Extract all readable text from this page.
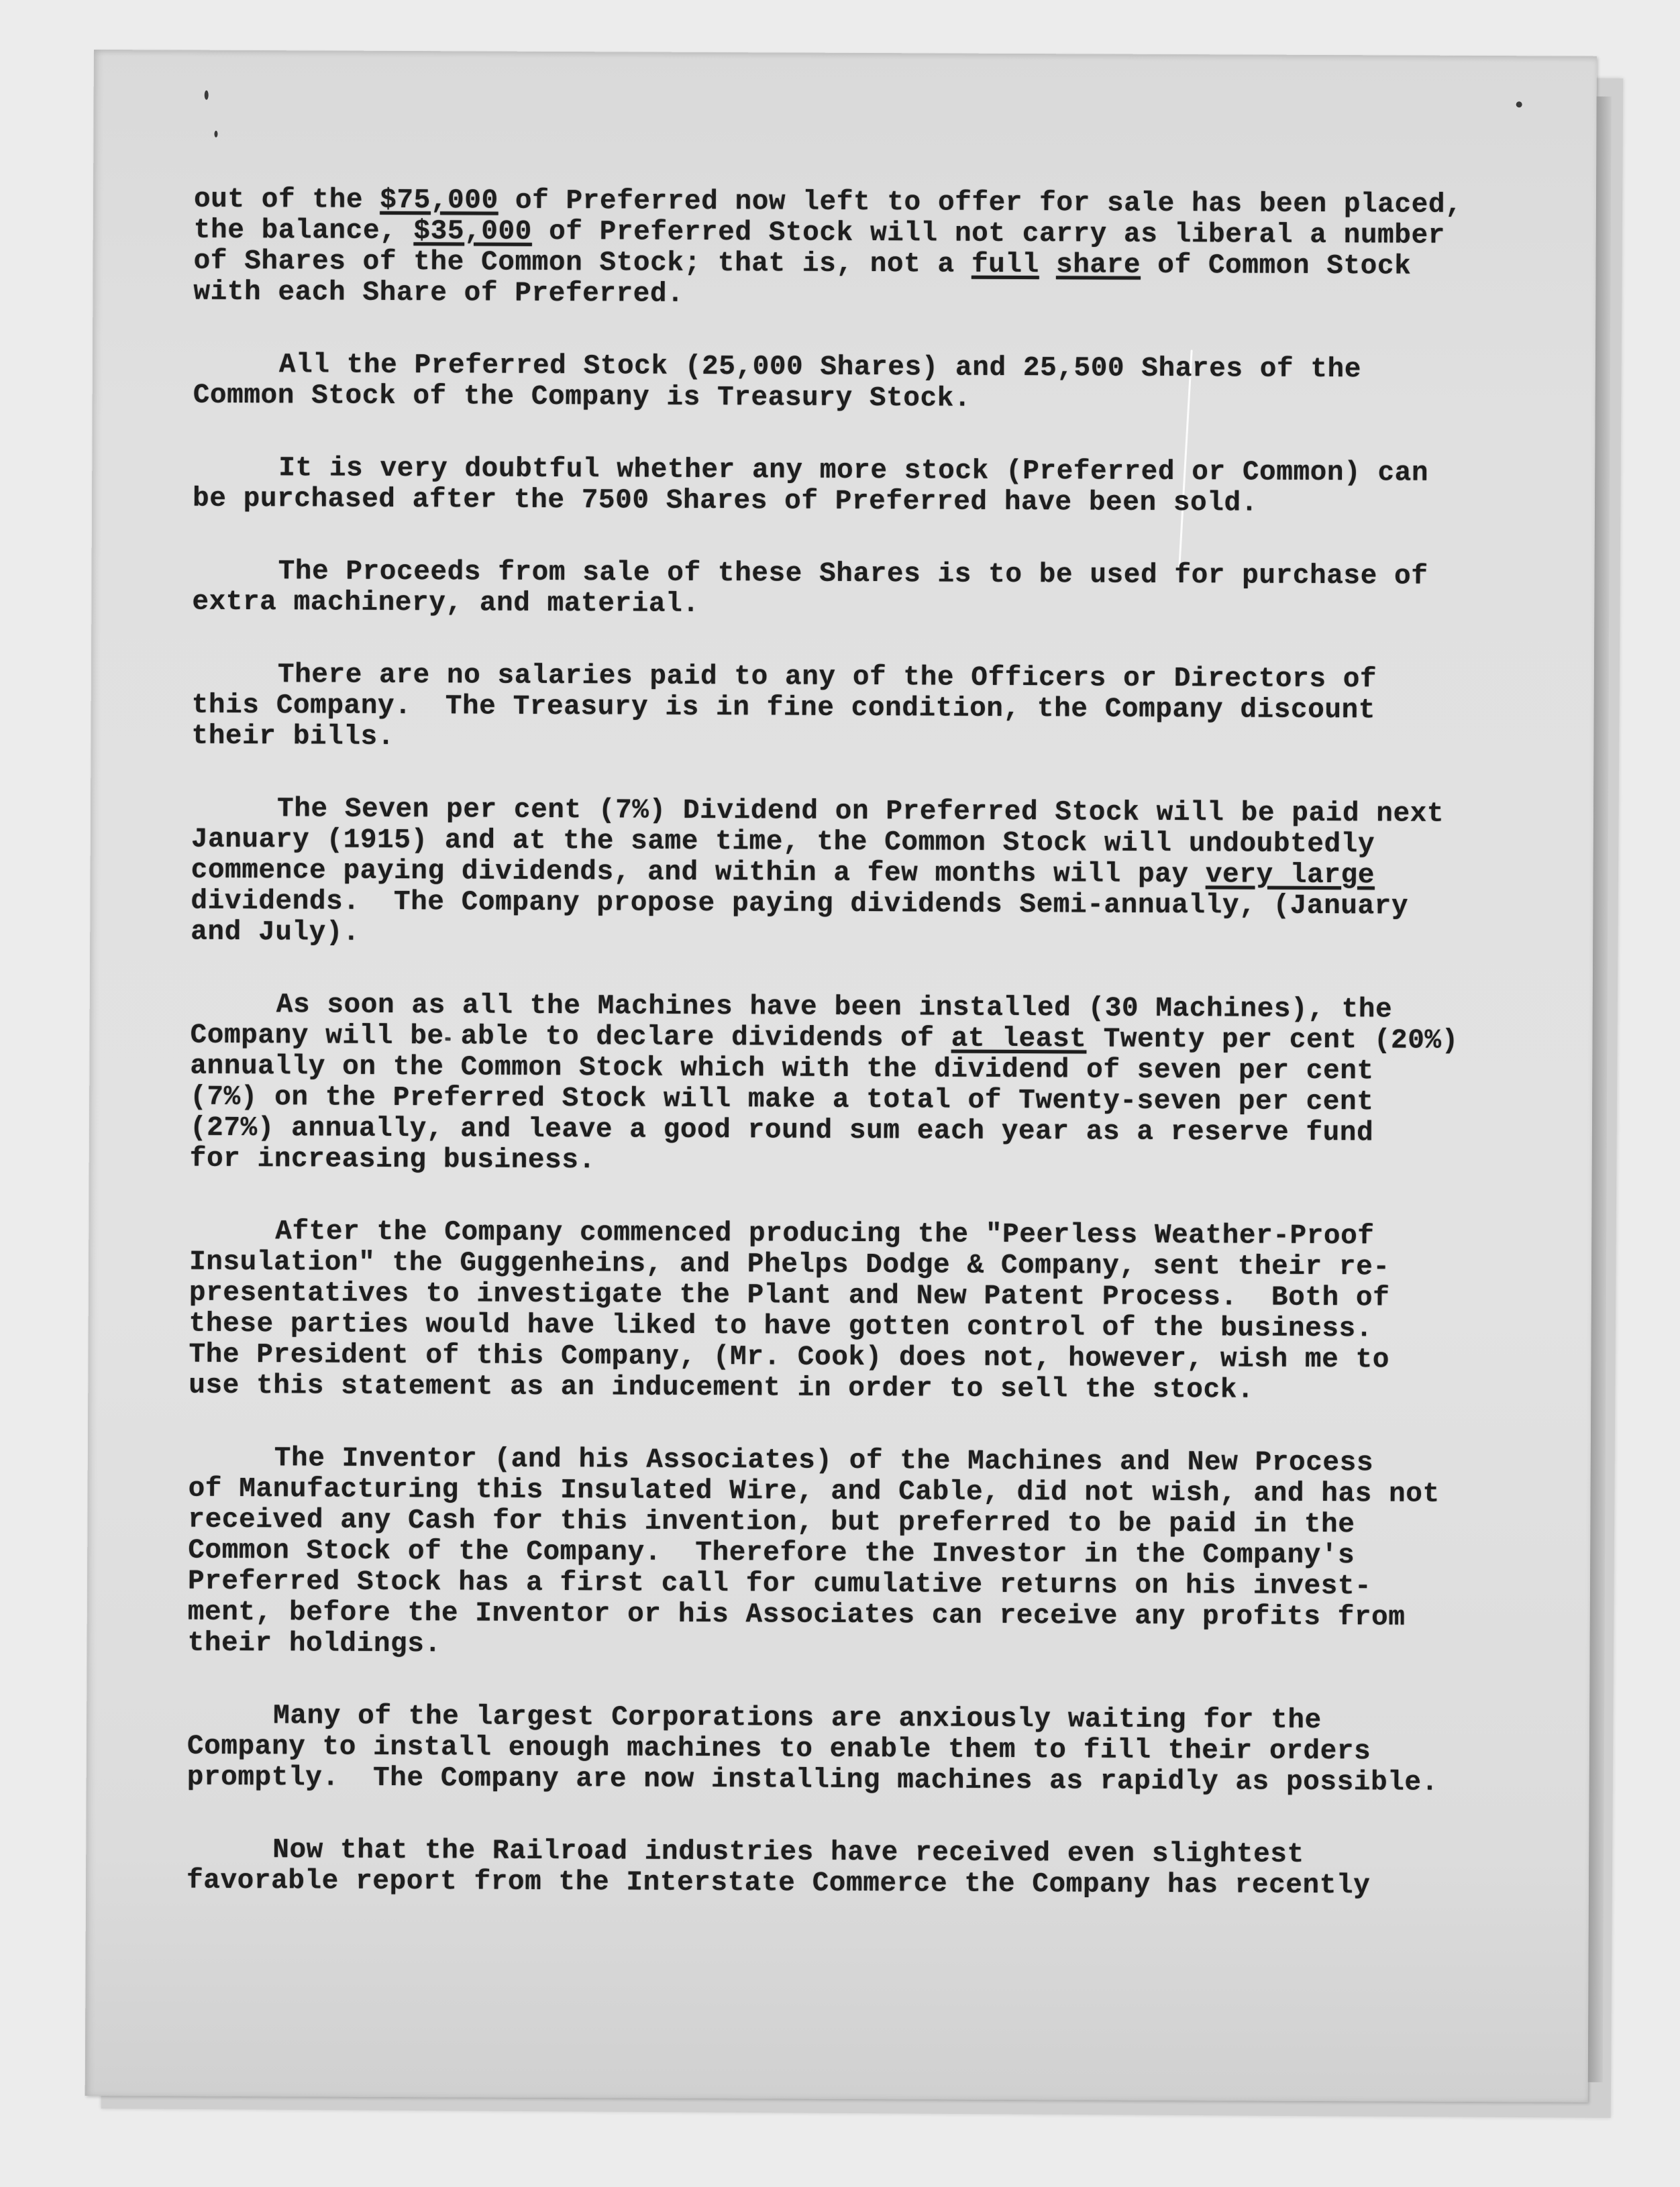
out of the $75,000 of Preferred now left to offer for sale has been placed,
the balance, $35,000 of Preferred Stock will not carry as liberal a number
of Shares of the Common Stock; that is, not a full share of Common Stock
with each Share of Preferred.

All the Preferred Stock (25,000 Shares) and 25,500 Shares of the
Common Stock of the Company is Treasury Stock.

It is very doubtful whether any more stock (Preferred or Common) can
be purchased after the 7500 Shares of Preferred have been sold.

The Proceeds from sale of these Shares is to be used for purchase of
extra machinery, and material.

There are no salaries paid to any of the Officers or Directors of
this Company.  The Treasury is in fine condition, the Company discount
their bills.

The Seven per cent (7%) Dividend on Preferred Stock will be paid next
January (1915) and at the same time, the Common Stock will undoubtedly
commence paying dividends, and within a few months will pay very large
dividends.  The Company propose paying dividends Semi-annually, (January
and July).

As soon as all the Machines have been installed (30 Machines), the
Company will be able to declare dividends of at least Twenty per cent (20%)
annually on the Common Stock which with the dividend of seven per cent
(7%) on the Preferred Stock will make a total of Twenty-seven per cent
(27%) annually, and leave a good round sum each year as a reserve fund
for increasing business.

After the Company commenced producing the "Peerless Weather-Proof
Insulation" the Guggenheins, and Phelps Dodge & Company, sent their re-
presentatives to investigate the Plant and New Patent Process.  Both of
these parties would have liked to have gotten control of the business.
The President of this Company, (Mr. Cook) does not, however, wish me to
use this statement as an inducement in order to sell the stock.

The Inventor (and his Associates) of the Machines and New Process
of Manufacturing this Insulated Wire, and Cable, did not wish, and has not
received any Cash for this invention, but preferred to be paid in the
Common Stock of the Company.  Therefore the Investor in the Company's
Preferred Stock has a first call for cumulative returns on his invest-
ment, before the Inventor or his Associates can receive any profits from
their holdings.

Many of the largest Corporations are anxiously waiting for the
Company to install enough machines to enable them to fill their orders
promptly.  The Company are now installing machines as rapidly as possible.

Now that the Railroad industries have received even slightest
favorable report from the Interstate Commerce the Company has recently
